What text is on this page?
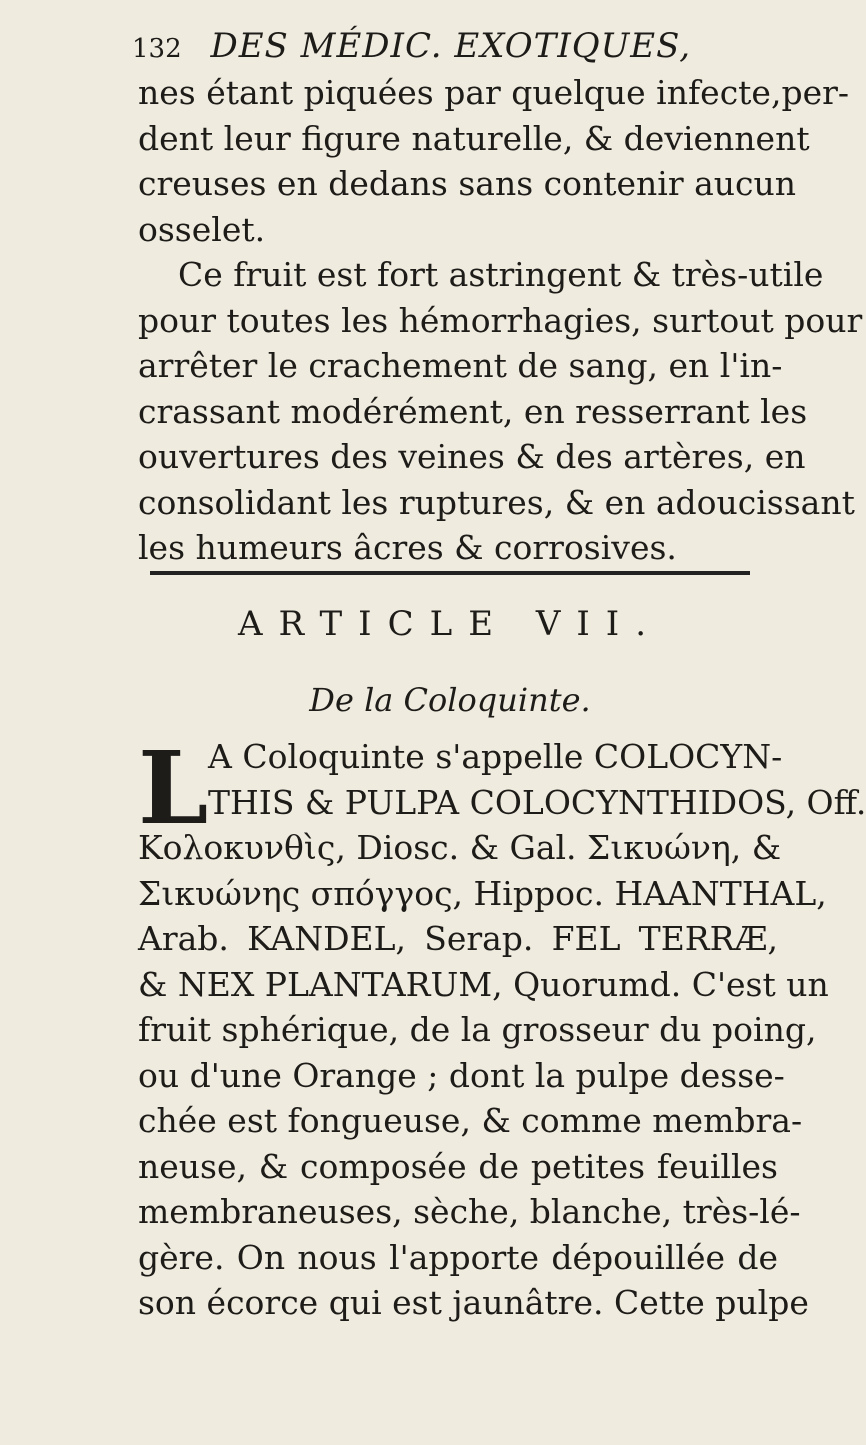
132 DES MÉDIC. EXOTIQUES,
nes étant piquées par quelque infecte,per-
dent leur figure naturelle, & deviennent
creuses en dedans sans contenir aucun
osselet.
Ce fruit est fort astringent & très-utile
pour toutes les hémorrhagies, surtout pour
arrêter le crachement de sang, en l'in-
crassant modérément, en resserrant les
ouvertures des veines & des artères, en
consolidant les ruptures, & en adoucissant
les humeurs âcres & corrosives.
ARTICLE VII.
De la Coloquinte.
L A Coloquinte s'appelle COLOCYN-
THIS & PULPA COLOCYNTHIDOS, Off.
Κολοκυνθὶς, Diosc. & Gal. Σικυώνη, &
Σικυώνης σπόγγος, Hippoc. HAANTHAL,
Arab. KANDEL, Serap. FEL TERRÆ,
& NEX PLANTARUM, Quorumd. C'est un
fruit sphérique, de la grosseur du poing,
ou d'une Orange ; dont la pulpe desse-
chée est fongueuse, & comme membra-
neuse, & composée de petites feuilles
membraneuses, sèche, blanche, très-lé-
gère. On nous l'apporte dépouillée de
son écorce qui est jaunâtre. Cette pulpe
